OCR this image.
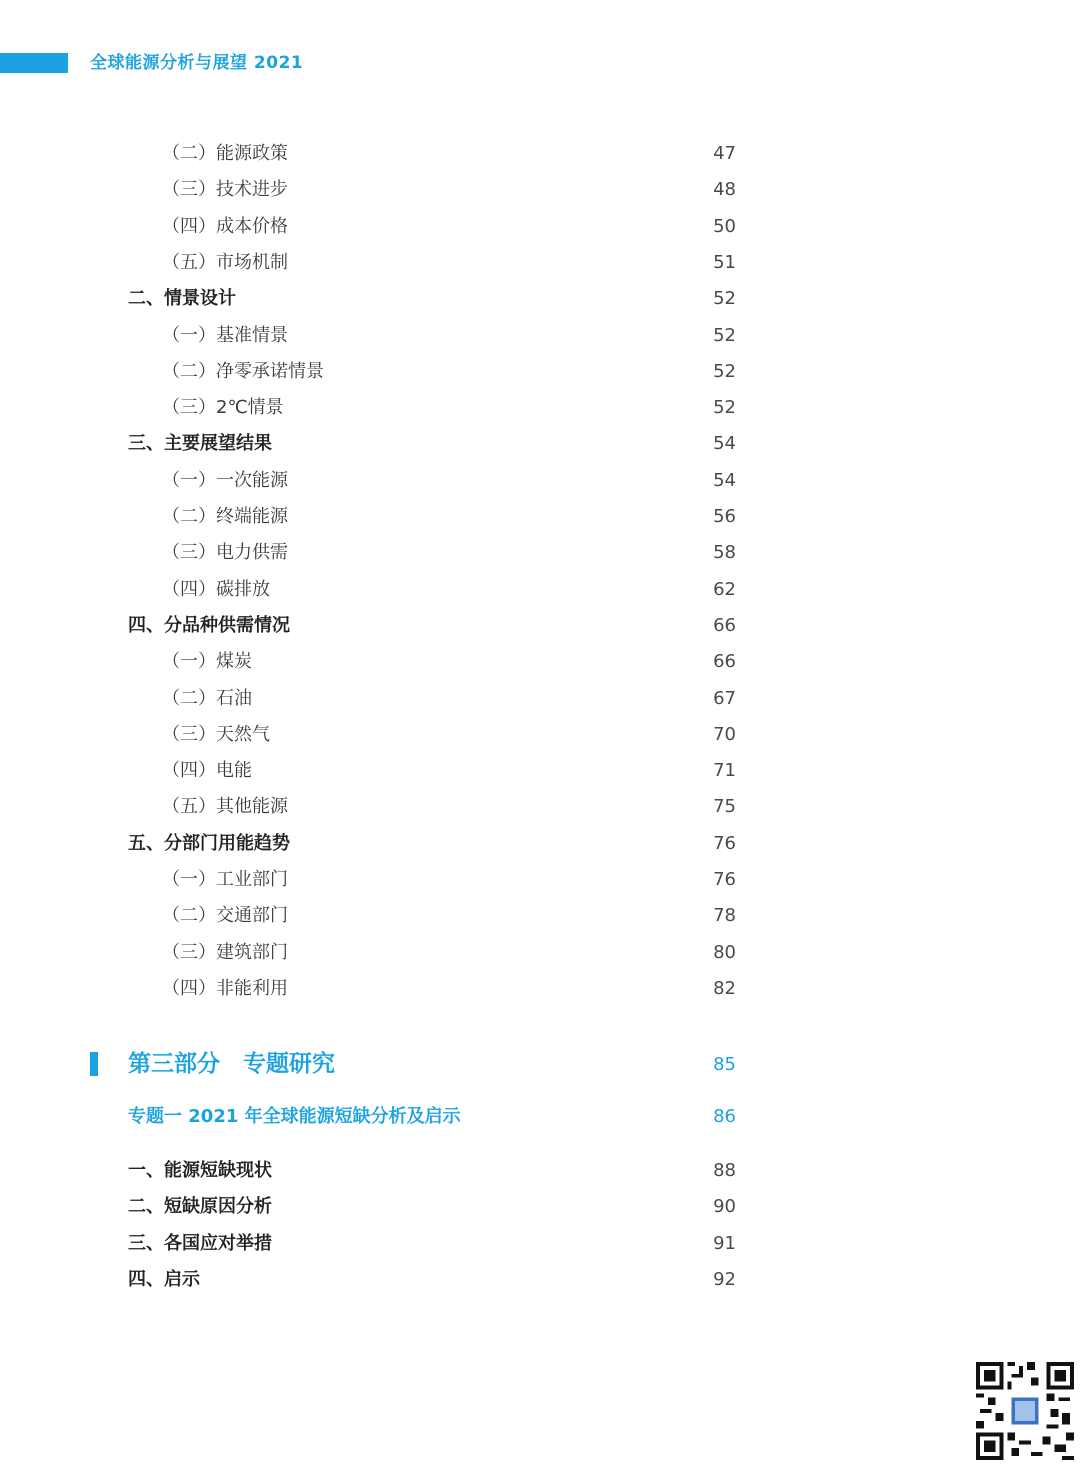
全球能源分析与展望 2021
（二）能源政策	47
（三）技术进步	48
（四）成本价格	50
（五）市场机制	51
二、情景设计	52
（一）基准情景	52
（二）净零承诺情景	52
（三）2℃情景	52
三、主要展望结果	54
（一）一次能源	54
（二）终端能源	56
（三）电力供需	58
（四）碳排放	62
四、分品种供需情况	66
（一）煤炭	66
（二）石油	67
（三）天然气	70
（四）电能	71
（五）其他能源	75
五、分部门用能趋势	76
（一）工业部门	76
（二）交通部门	78
（三）建筑部门	80
（四）非能利用	82
第三部分　专题研究	85
专题一 2021 年全球能源短缺分析及启示	86
一、能源短缺现状	88
二、短缺原因分析	90
三、各国应对举措	91
四、启示	92
